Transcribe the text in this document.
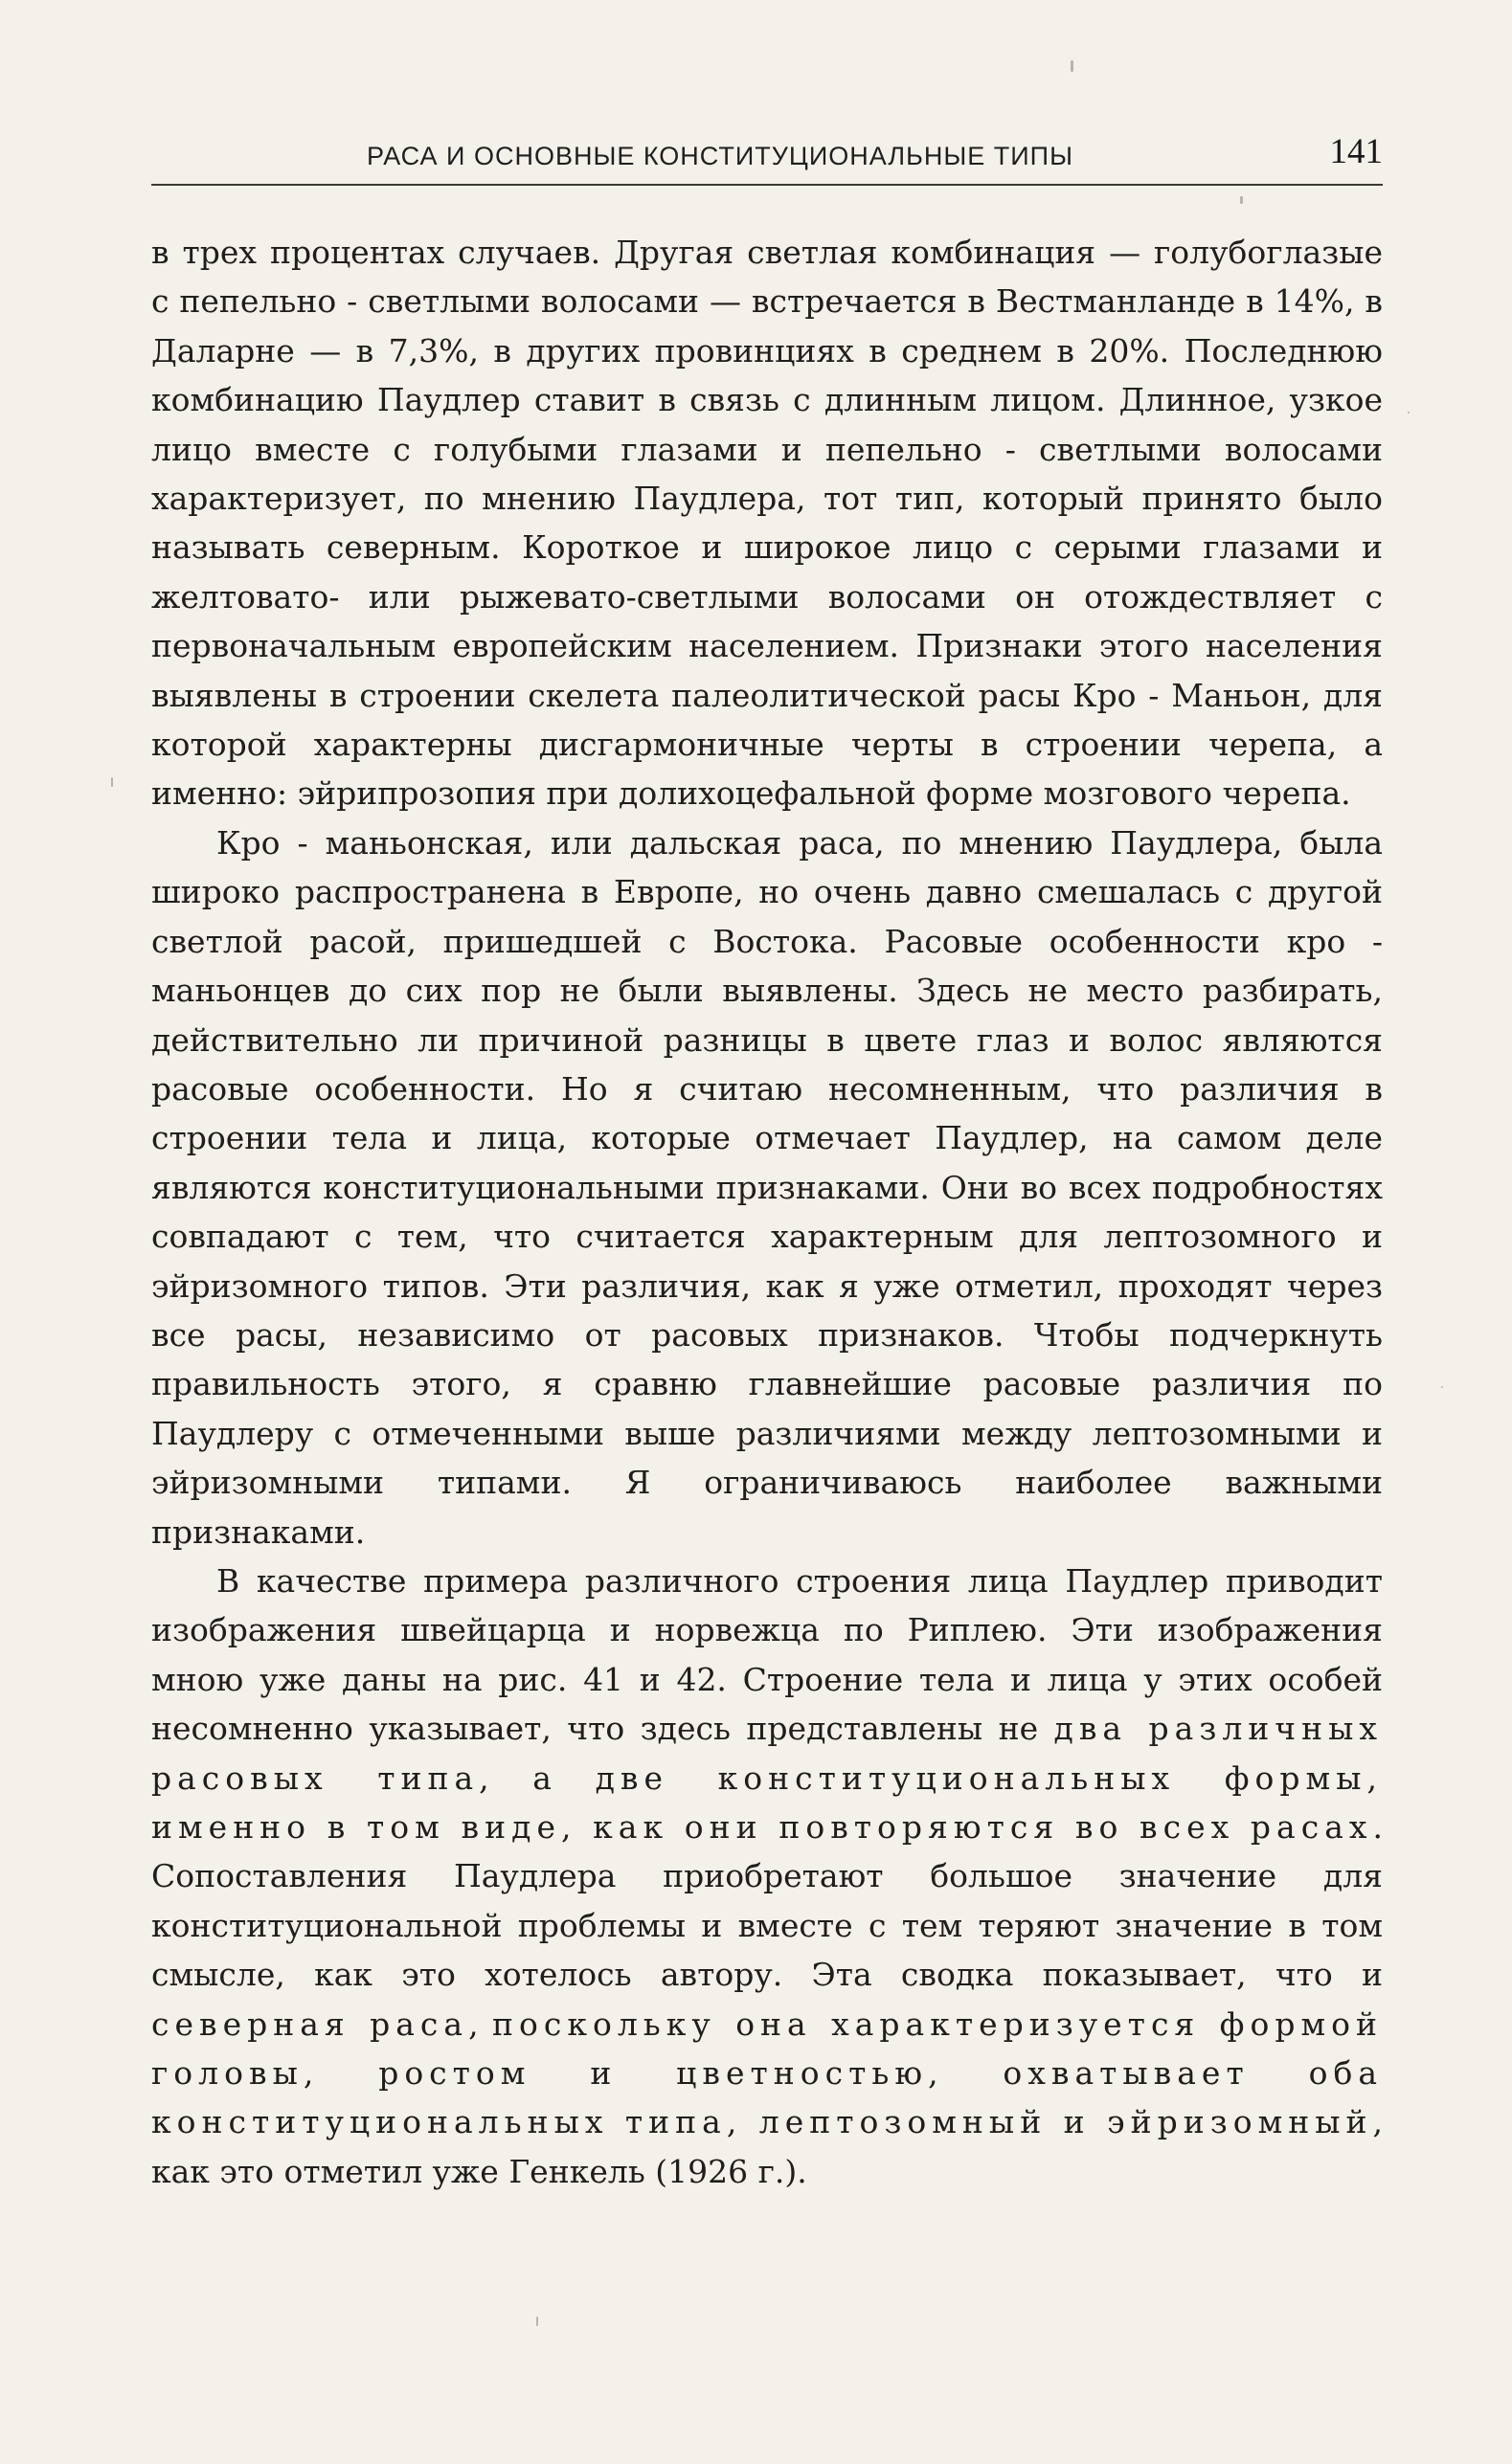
РАСА И ОСНОВНЫЕ КОНСТИТУЦИОНАЛЬНЫЕ ТИПЫ	141

в трех процентах случаев. Другая светлая комбинация — голубоглазые с пепельно - светлыми волосами — встречается в Вестманланде в 14%, в Даларне — в 7,3%, в других провинциях в среднем в 20%. Последнюю комбинацию Паудлер ставит в связь с длинным лицом. Длинное, узкое лицо вместе с голубыми глазами и пепельно - светлыми волосами характеризует, по мнению Паудлера, тот тип, который принято было называть северным. Короткое и широкое лицо с серыми глазами и желтовато- или рыжевато-светлыми волосами он отождествляет с первоначальным европейским населением. Признаки этого населения выявлены в строении скелета палеолитической расы Кро - Маньон, для которой характерны дисгармоничные черты в строении черепа, а именно: эйрипрозопия при долихоцефальной форме мозгового черепа.

Кро - маньонская, или дальская раса, по мнению Паудлера, была широко распространена в Европе, но очень давно смешалась с другой светлой расой, пришедшей с Востока. Расовые особенности кро - маньонцев до сих пор не были выявлены. Здесь не место разбирать, действительно ли причиной разницы в цвете глаз и волос являются расовые особенности. Но я считаю несомненным, что различия в строении тела и лица, которые отмечает Паудлер, на самом деле являются конституциональными признаками. Они во всех подробностях совпадают с тем, что считается характерным для лептозомного и эйризомного типов. Эти различия, как я уже отметил, проходят через все расы, независимо от расовых признаков. Чтобы подчеркнуть правильность этого, я сравню главнейшие расовые различия по Паудлеру с отмеченными выше различиями между лептозомными и эйризомными типами. Я ограничиваюсь наиболее важными признаками.

В качестве примера различного строения лица Паудлер приводит изображения швейцарца и норвежца по Риплею. Эти изображения мною уже даны на рис. 41 и 42. Строение тела и лица у этих особей несомненно указывает, что здесь представлены не два различных расовых типа, а две конституциональных формы, именно в том виде, как они повторяются во всех расах. Сопоставления Паудлера приобретают большое значение для конституциональной проблемы и вместе с тем теряют значение в том смысле, как это хотелось автору. Эта сводка показывает, что и северная раса, поскольку она характеризуется формой головы, ростом и цветностью, охватывает оба конституциональных типа, лептозомный и эйризомный, как это отметил уже Генкель (1926 г.).
